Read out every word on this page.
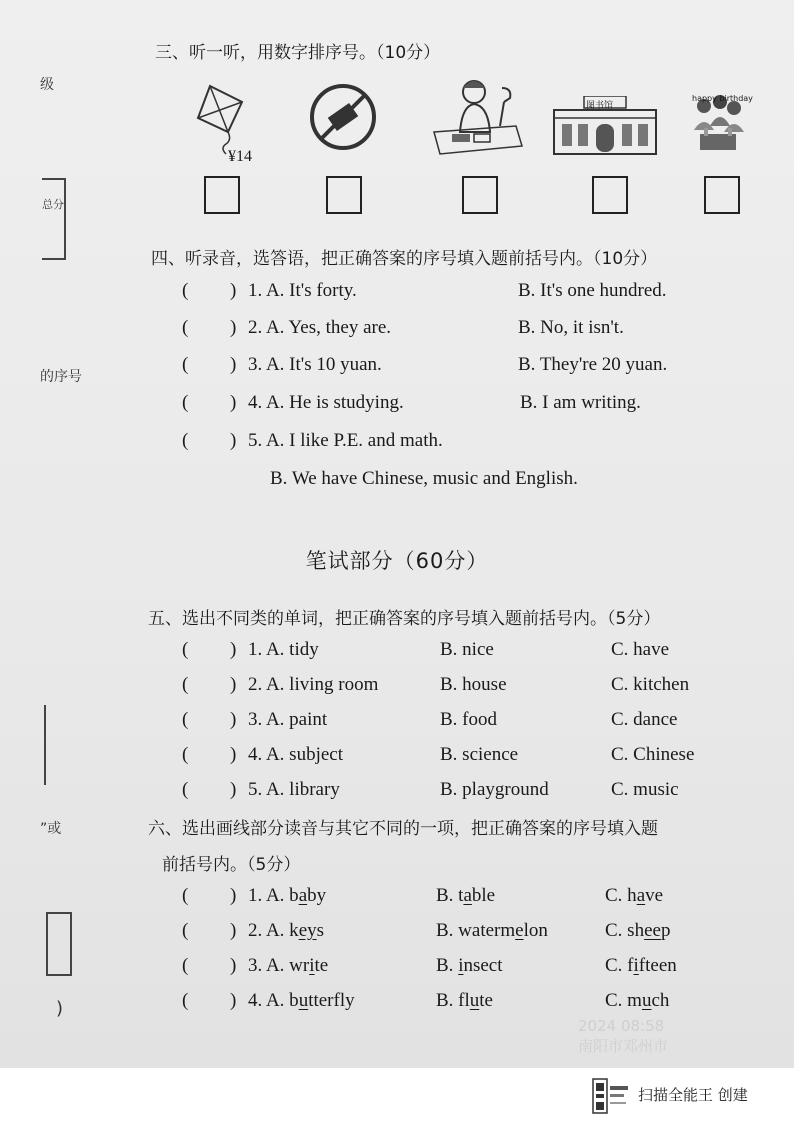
级
总分
的序号
”或
)
三、听一听，用数字排序号。（10分）
¥14
图书馆
happy birthday
四、听录音，选答语，把正确答案的序号填入题前括号内。（10分）
( ) 1. A. It's forty.	B. It's one hundred.
( ) 2. A. Yes, they are.	B. No, it isn't.
( ) 3. A. It's 10 yuan.	B. They're 20 yuan.
( ) 4. A. He is studying.	B. I am writing.
( ) 5. A. I like P.E. and math.
B. We have Chinese, music and English.
笔试部分（60分）
五、选出不同类的单词，把正确答案的序号填入题前括号内。（5分）
( ) 1. A. tidy	B. nice	C. have
( ) 2. A. living room	B. house	C. kitchen
( ) 3. A. paint	B. food	C. dance
( ) 4. A. subject	B. science	C. Chinese
( ) 5. A. library	B. playground	C. music
六、选出画线部分读音与其它不同的一项，把正确答案的序号填入题
前括号内。（5分）
( ) 1. A. baby	B. table	C. have
( ) 2. A. keys	B. watermelon	C. sheep
( ) 3. A. write	B. insect	C. fifteen
( ) 4. A. butterfly	B. flute	C. much
2024 08:58
南阳市邓州市
扫描全能王 创建
